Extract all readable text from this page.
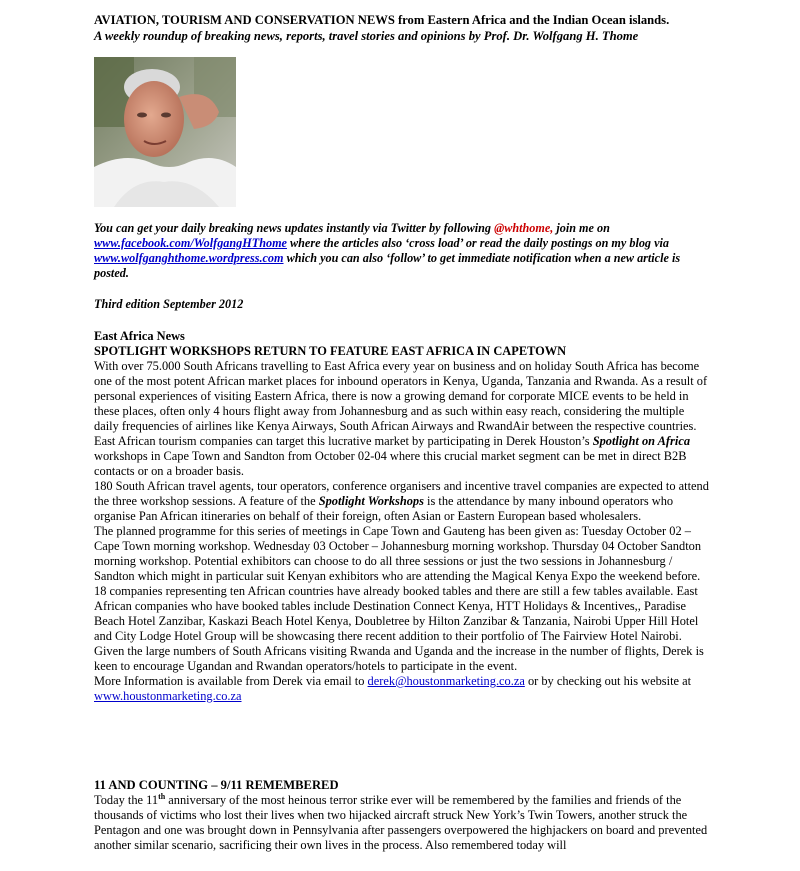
AVIATION, TOURISM AND CONSERVATION NEWS from Eastern Africa and the Indian Ocean islands.
A weekly roundup of breaking news, reports, travel stories and opinions by Prof. Dr. Wolfgang H. Thome
You can get your daily breaking news updates instantly via Twitter by following @whthome, join me on www.facebook.com/WolfgangHThome where the articles also ‘cross load’ or read the daily postings on my blog via www.wolfganghthome.wordpress.com which you can also ‘follow’ to get immediate notification when a new article is posted.
Third edition September 2012
East Africa News
SPOTLIGHT WORKSHOPS RETURN TO FEATURE EAST AFRICA IN CAPETOWN

With over 75.000 South Africans travelling to East Africa every year on business and on holiday South Africa has become one of the most potent African market places for inbound operators in Kenya, Uganda, Tanzania and Rwanda. As a result of personal experiences of visiting Eastern Africa, there is now a growing demand for corporate MICE events to be held in these places, often only 4 hours flight away from Johannesburg and as such within easy reach, considering the multiple daily frequencies of airlines like Kenya Airways, South African Airways and RwandAir between the respective countries.

East African tourism companies can target this lucrative market by participating in Derek Houston’s Spotlight on Africa workshops in Cape Town and Sandton from October 02-04 where this crucial market segment can be met in direct B2B contacts or on a broader basis.

180 South African travel agents, tour operators, conference organisers and incentive travel companies are expected to attend the three workshop sessions. A feature of the Spotlight Workshops is the attendance by many inbound operators who organise Pan African itineraries on behalf of their foreign, often Asian or Eastern European based wholesalers.

The planned programme for this series of meetings in Cape Town and Gauteng has been given as: Tuesday October 02 – Cape Town morning workshop. Wednesday 03 October – Johannesburg morning workshop. Thursday 04 October Sandton morning workshop. Potential exhibitors can choose to do all three sessions or just the two sessions in Johannesburg / Sandton which might in particular suit Kenyan exhibitors who are attending the Magical Kenya Expo the weekend before.

18 companies representing ten African countries have already booked tables and there are still a few tables available. East African companies who have booked tables include Destination Connect Kenya, HTT Holidays & Incentives,, Paradise Beach Hotel Zanzibar, Kaskazi Beach Hotel Kenya, Doubletree by Hilton Zanzibar & Tanzania, Nairobi Upper Hill Hotel and City Lodge Hotel Group will be showcasing there recent addition to their portfolio of The Fairview Hotel Nairobi.

Given the large numbers of South Africans visiting Rwanda and Uganda and the increase in the number of flights, Derek is keen to encourage Ugandan and Rwandan operators/hotels to participate in the event.

More Information is available from Derek via email to derek@houstonmarketing.co.za or by checking out his website at www.houstonmarketing.co.za

11 AND COUNTING – 9/11 REMEMBERED

Today the 11th anniversary of the most heinous terror strike ever will be remembered by the families and friends of the thousands of victims who lost their lives when two hijacked aircraft struck New York’s Twin Towers, another struck the Pentagon and one was brought down in Pennsylvania after passengers overpowered the highjackers on board and prevented another similar scenario, sacrificing their own lives in the process. Also remembered today will
